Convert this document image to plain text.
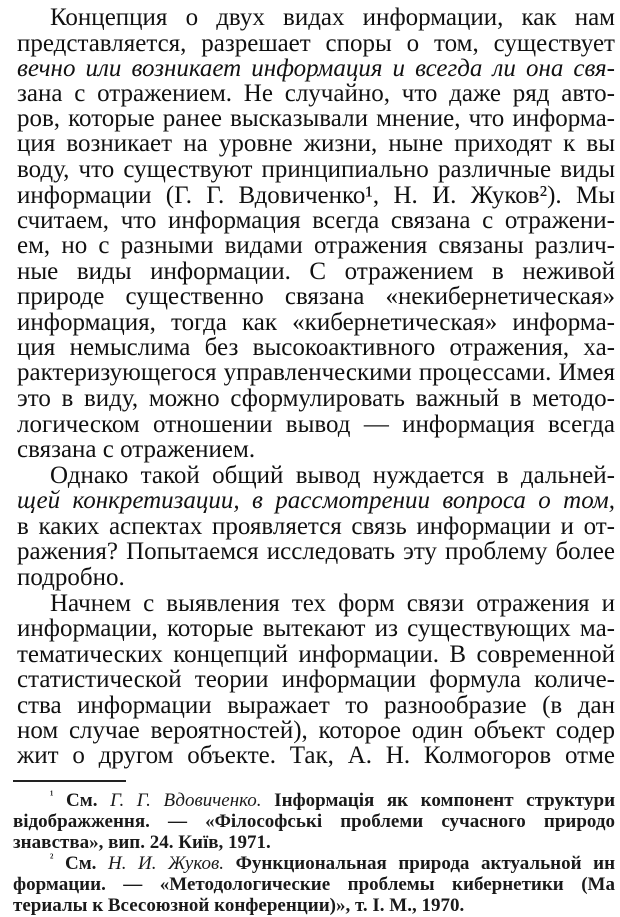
Концепция о двух видах информации, как нам
представляется, разрешает споры о том, существует
вечно или возникает информация и всегда ли она свя-
зана с отражением. Не случайно, что даже ряд авто-
ров, которые ранее высказывали мнение, что информа-
ция возникает на уровне жизни, ныне приходят к вы
воду, что существуют принципиально различные виды
информации (Г. Г. Вдовиченко¹, Н. И. Жуков²). Мы
считаем, что информация всегда связана с отражени-
ем, но с разными видами отражения связаны различ-
ные виды информации. С отражением в неживой
природе существенно связана «некибернетическая»
информация, тогда как «кибернетическая» информа-
ция немыслима без высокоактивного отражения, ха-
рактеризующегося управленческими процессами. Имея
это в виду, можно сформулировать важный в методо-
логическом отношении вывод — информация всегда
связана с отражением.
Однако такой общий вывод нуждается в дальней-
щей конкретизации, в рассмотрении вопроса о том,
в каких аспектах проявляется связь информации и от-
ражения? Попытаемся исследовать эту проблему более
подробно.
Начнем с выявления тех форм связи отражения и
информации, которые вытекают из существующих ма-
тематических концепций информации. В современной
статистической теории информации формула количе-
ства информации выражает то разнообразие (в дан
ном случае вероятностей), которое один объект содер
жит о другом объекте. Так, А. Н. Колмогоров отме
$^{^1}$ См. Г. Г. Вдовиченко. Інформація як компонент структури
відображження. — «Філософські проблеми сучасного природо
знавства», вип. 24. Київ, 1971.
$^{^2}$ См. Н. И. Жуков. Функциональная природа актуальной ин
формации. — «Методологические проблемы кибернетики (Ма
териалы к Всесоюзной конференции)», т. I. М., 1970.
